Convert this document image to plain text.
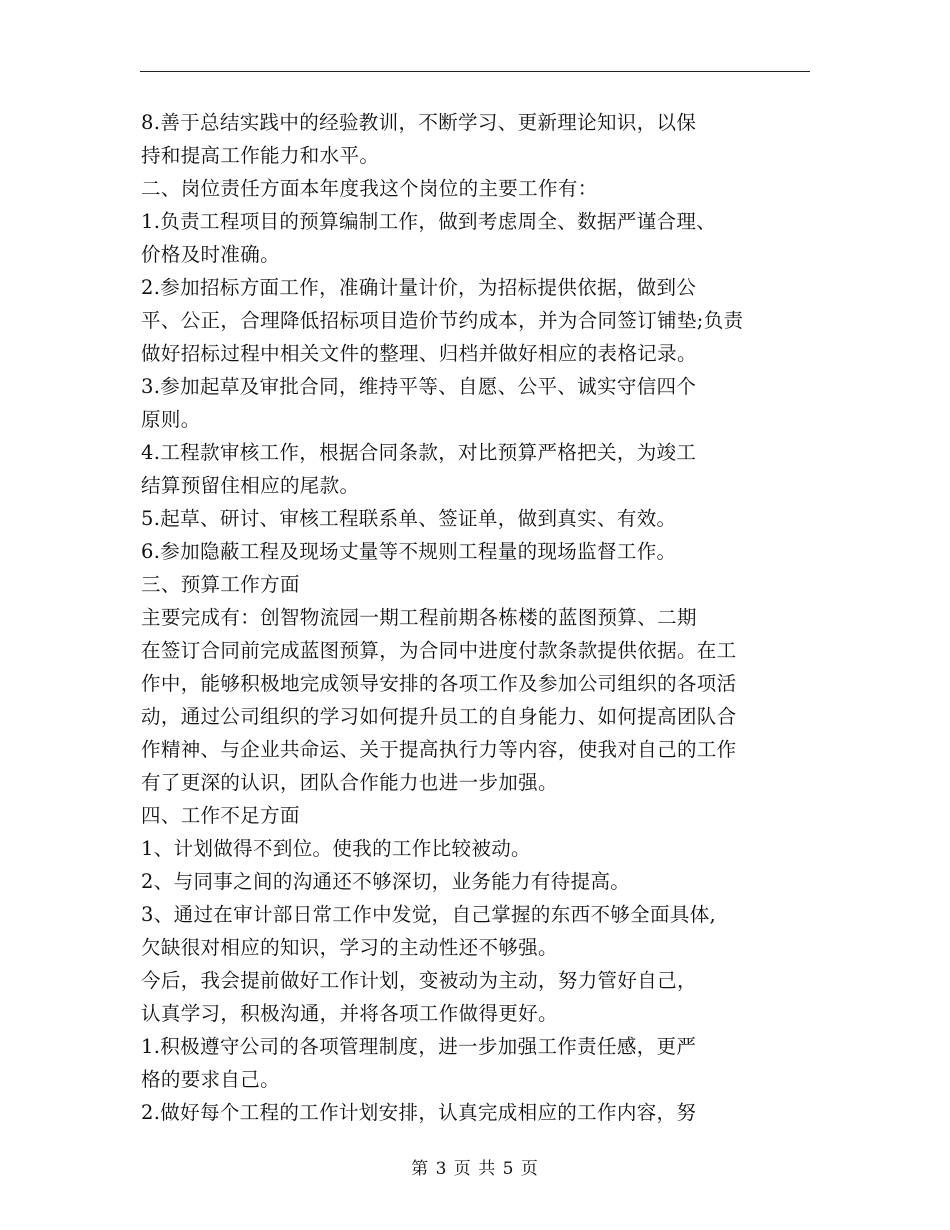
8.善于总结实践中的经验教训，不断学习、更新理论知识，以保
持和提高工作能力和水平。

二、岗位责任方面本年度我这个岗位的主要工作有：

1.负责工程项目的预算编制工作，做到考虑周全、数据严谨合理、
价格及时准确。

2.参加招标方面工作，准确计量计价，为招标提供依据，做到公
平、公正，合理降低招标项目造价节约成本，并为合同签订铺垫;负责
做好招标过程中相关文件的整理、归档并做好相应的表格记录。

3.参加起草及审批合同，维持平等、自愿、公平、诚实守信四个
原则。

4.工程款审核工作，根据合同条款，对比预算严格把关，为竣工
结算预留住相应的尾款。

5.起草、研讨、审核工程联系单、签证单，做到真实、有效。

6.参加隐蔽工程及现场丈量等不规则工程量的现场监督工作。

三、预算工作方面

主要完成有：创智物流园一期工程前期各栋楼的蓝图预算、二期
在签订合同前完成蓝图预算，为合同中进度付款条款提供依据。在工
作中，能够积极地完成领导安排的各项工作及参加公司组织的各项活
动，通过公司组织的学习如何提升员工的自身能力、如何提高团队合
作精神、与企业共命运、关于提高执行力等内容，使我对自己的工作
有了更深的认识，团队合作能力也进一步加强。

四、工作不足方面

1、计划做得不到位。使我的工作比较被动。

2、与同事之间的沟通还不够深切，业务能力有待提高。

3、通过在审计部日常工作中发觉，自己掌握的东西不够全面具体,
欠缺很对相应的知识，学习的主动性还不够强。

今后，我会提前做好工作计划，变被动为主动，努力管好自己，
认真学习，积极沟通，并将各项工作做得更好。

1.积极遵守公司的各项管理制度，进一步加强工作责任感，更严
格的要求自己。

2.做好每个工程的工作计划安排，认真完成相应的工作内容，努

第 3 页 共 5 页
